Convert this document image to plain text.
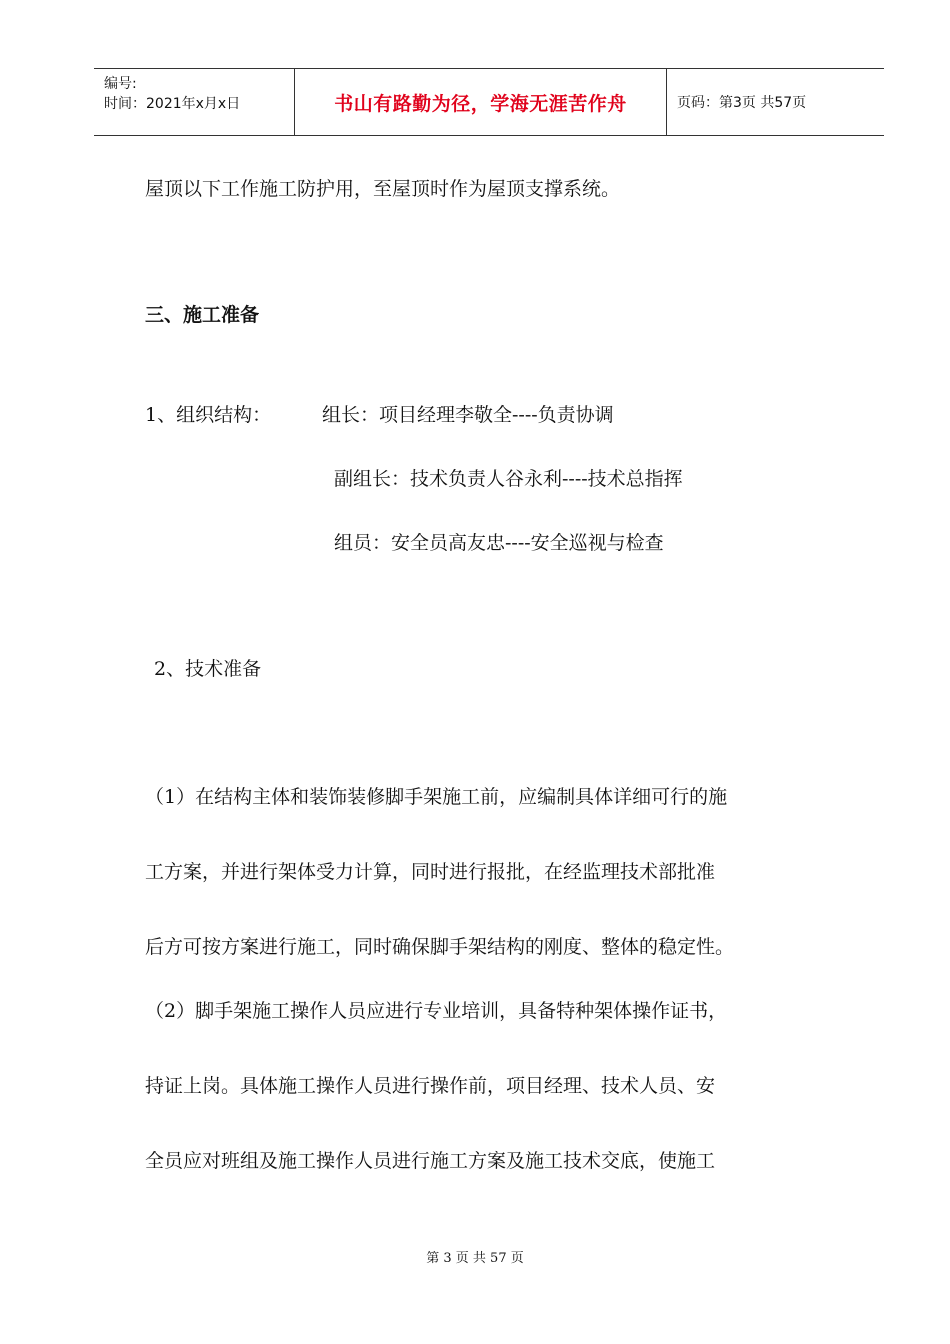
编号:
时间：2021年x月x日	书山有路勤为径，学海无涯苦作舟	页码：第3页 共57页
屋顶以下工作施工防护用，至屋顶时作为屋顶支撑系统。
三、施工准备
1、组织结构：	组长：项目经理李敬全----负责协调
副组长：技术负责人谷永利----技术总指挥
组员：安全员高友忠----安全巡视与检查
2、技术准备
（1）在结构主体和装饰装修脚手架施工前，应编制具体详细可行的施
工方案，并进行架体受力计算，同时进行报批，在经监理技术部批准
后方可按方案进行施工，同时确保脚手架结构的刚度、整体的稳定性。
（2）脚手架施工操作人员应进行专业培训，具备特种架体操作证书，
持证上岗。具体施工操作人员进行操作前，项目经理、技术人员、安
全员应对班组及施工操作人员进行施工方案及施工技术交底，使施工
第 3 页 共 57 页
